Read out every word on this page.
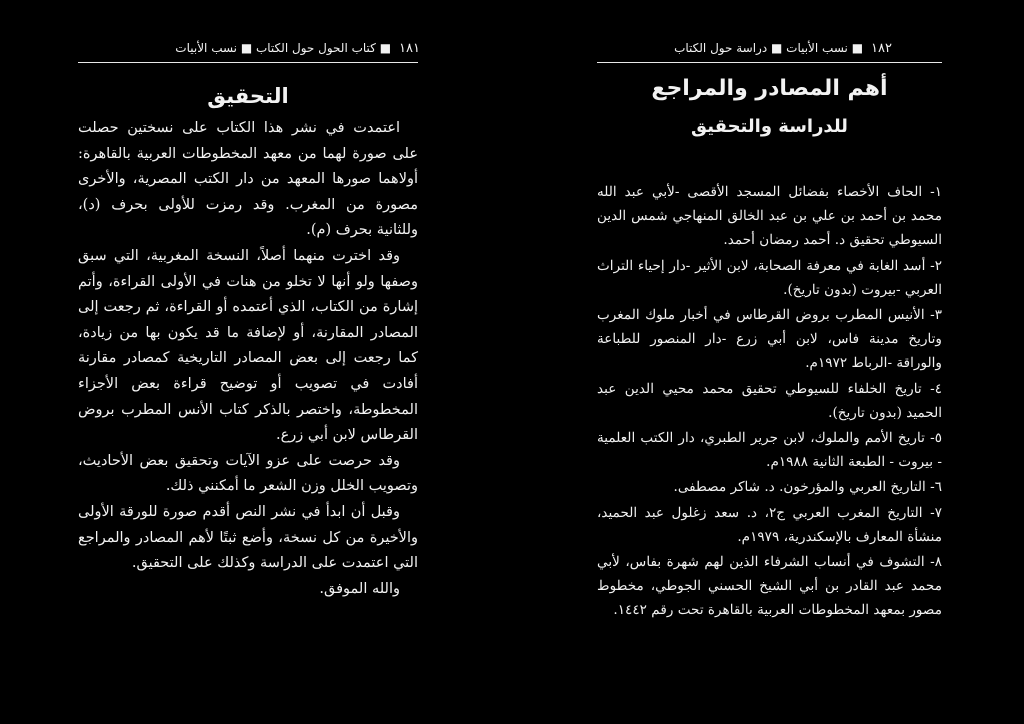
١٨١
■ كتاب الحول حول الكتاب ■ نسب الأبيات
التحقيق

اعتمدت في نشر هذا الكتاب على نسختين حصلت على صورة لهما من معهد المخطوطات العربية بالقاهرة: أولاهما صورها المعهد من دار الكتب المصرية، والأخرى مصورة من المغرب. وقد رمزت للأولى بحرف (د)، وللثانية بحرف (م).

وقد اخترت منهما أصلاً، النسخة المغربية، التي سبق وصفها ولو أنها لا تخلو من هنات في الأولى القراءة، وأتم إشارة من الكتاب، الذي أعتمده أو القراءة، ثم رجعت إلى المصادر المقارنة، أو لإضافة ما قد يكون بها من زيادة، كما رجعت إلى بعض المصادر التاريخية كمصادر مقارنة أفادت في تصويب أو توضيح قراءة بعض الأجزاء المخطوطة، واختصر بالذكر كتاب الأنس المطرب بروض القرطاس لابن أبي زرع.

وقد حرصت على عزو الآيات وتحقيق بعض الأحاديث، وتصويب الخلل وزن الشعر ما أمكنني ذلك.

وقبل أن ابدأ في نشر النص أقدم صورة للورقة الأولى والأخيرة من كل نسخة، وأضع ثبتًا لأهم المصادر والمراجع التي اعتمدت على الدراسة وكذلك على التحقيق.

والله الموفق.

١٨٢
■ نسب الأبيات ■ دراسة حول الكتاب
أهم المصادر والمراجع
للدراسة والتحقيق
١- الحاف الأخصاء بفضائل المسجد الأقصى -لأبي عبد الله محمد بن أحمد بن علي بن عبد الخالق المنهاجي شمس الدين السيوطي تحقيق د. أحمد رمضان أحمد.
٢- أسد الغابة في معرفة الصحابة، لابن الأثير -دار إحياء التراث العربي -بيروت (بدون تاريخ).
٣- الأنيس المطرب بروض القرطاس في أخبار ملوك المغرب وتاريخ مدينة فاس، لابن أبي زرع -دار المنصور للطباعة والوراقة -الرباط ١٩٧٢م.
٤- تاريخ الخلفاء للسيوطي تحقيق محمد محيي الدين عبد الحميد (بدون تاريخ).
٥- تاريخ الأمم والملوك، لابن جرير الطبري، دار الكتب العلمية - بيروت - الطبعة الثانية ١٩٨٨م.
٦- التاريخ العربي والمؤرخون. د. شاكر مصطفى.
٧- التاريخ المغرب العربي ج٢، د. سعد زغلول عبد الحميد، منشأة المعارف بالإسكندرية، ١٩٧٩م.
٨- التشوف في أنساب الشرفاء الذين لهم شهرة بفاس، لأبي محمد عبد القادر بن أبي الشيخ الحسني الجوطي، مخطوط مصور بمعهد المخطوطات العربية بالقاهرة تحت رقم ١٤٤٢.
